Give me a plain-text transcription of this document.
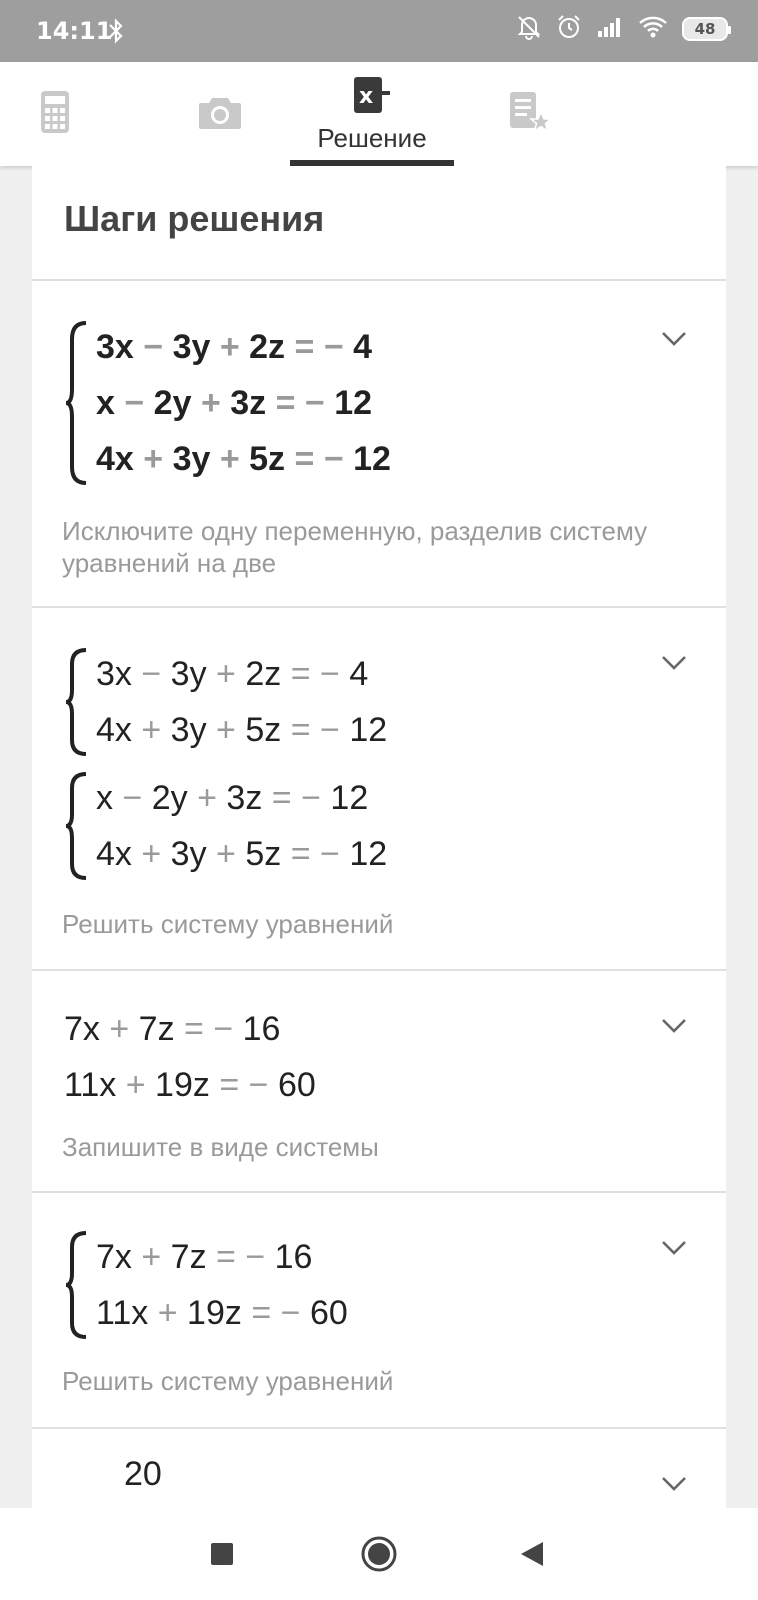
14:11	48
x
Решение
Шаги решения
3x − 3y + 2z = − 4
x − 2y + 3z = − 12
4x + 3y + 5z = − 12
Исключите одну переменную, разделив систему уравнений на две
3x − 3y + 2z = − 4
4x + 3y + 5z = − 12
x − 2y + 3z = − 12
4x + 3y + 5z = − 12
Решить систему уравнений
7x + 7z = − 16
11x + 19z = − 60
Запишите в виде системы
7x + 7z = − 16
11x + 19z = − 60
Решить систему уравнений
20
